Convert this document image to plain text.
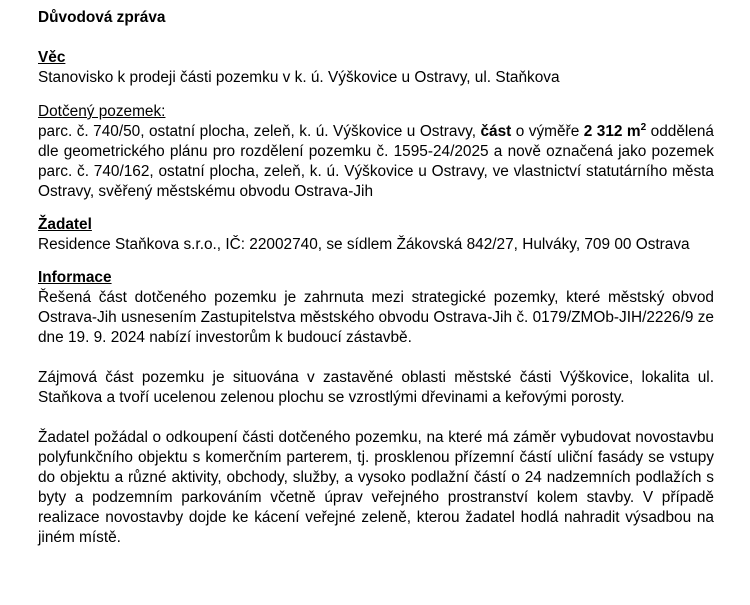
Důvodová zpráva

Věc

Stanovisko k prodeji části pozemku v k. ú. Výškovice u Ostravy, ul. Staňkova

Dotčený pozemek:

parc. č. 740/50, ostatní plocha, zeleň, k. ú. Výškovice u Ostravy, část o výměře 2 312 $m^2$ oddělená dle geometrického plánu pro rozdělení pozemku č. 1595-24/2025 a nově označená jako pozemek parc. č. 740/162, ostatní plocha, zeleň, k. ú. Výškovice u Ostravy, ve vlastnictví statutárního města Ostravy, svěřený městskému obvodu Ostrava-Jih

Žadatel

Residence Staňkova s.r.o., IČ: 22002740, se sídlem Žákovská 842/27, Hulváky, 709 00 Ostrava

Informace

Řešená část dotčeného pozemku je zahrnuta mezi strategické pozemky, které městský obvod Ostrava-Jih usnesením Zastupitelstva městského obvodu Ostrava-Jih č. 0179/ZMOb-JIH/2226/9 ze dne 19. 9. 2024 nabízí investorům k budoucí zástavbě.

Zájmová část pozemku je situována v zastavěné oblasti městské části Výškovice, lokalita ul. Staňkova a tvoří ucelenou zelenou plochu se vzrostlými dřevinami a keřovými porosty.

Žadatel požádal o odkoupení části dotčeného pozemku, na které má záměr vybudovat novostavbu polyfunkčního objektu s komerčním parterem, tj. prosklenou přízemní částí uliční fasády se vstupy do objektu a různé aktivity, obchody, služby, a vysoko podlažní částí o 24 nadzemních podlažích s byty a podzemním parkováním včetně úprav veřejného prostranství kolem stavby. V případě realizace novostavby dojde ke kácení veřejné zeleně, kterou žadatel hodlá nahradit výsadbou na jiném místě.
